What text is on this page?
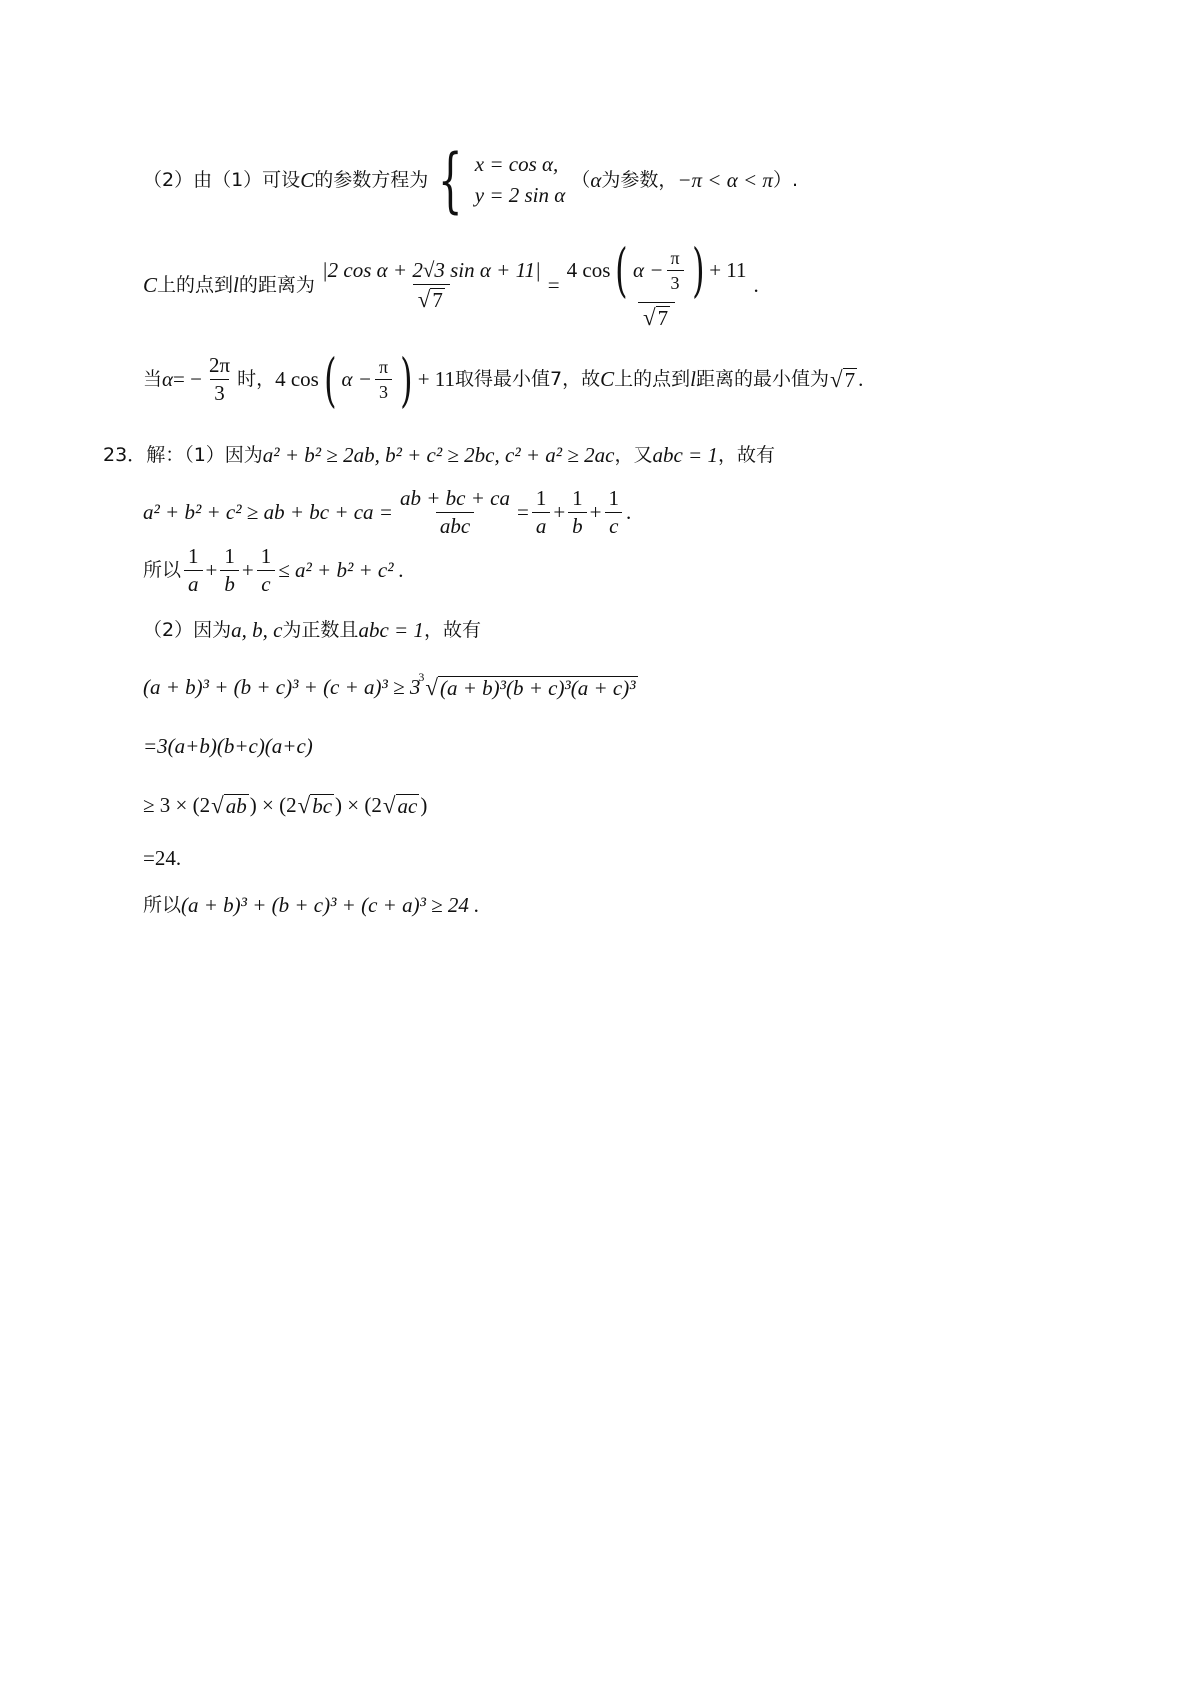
（2）由（1）可设 C 的参数方程为 { x = cos α,
y = 2 sin α
（ α 为参数， −π < α < π ）.
C 上的点到 l 的距离为 $\frac{\text{|2 cos α + 2√3 sin α + 11|}}{√ 7}$ =
4 cos ( $\alpha - \frac{\pi}{3}$ ) + 11
√ 7
.
当 α = − $\frac{2\pi}{3}$ 时， 4 cos ( $\alpha - \frac{\pi}{3}$ ) + 11 取得最小值7，故 C 上的点到 l 距离的最小值为 √ 7 .
23． 解：（1）因为 a² + b² ≥ 2ab, b² + c² ≥ 2bc, c² + a² ≥ 2ac ，又 abc = 1 ，故有
a² + b² + c² ≥ ab + bc + ca = $\frac{ab + bc + ca}{\text{abc}} = \frac{1}{a} + \frac{1}{b} + \frac{1}{c}$ .
所以 $\frac{1}{a} + \frac{1}{b} + \frac{1}{c} \le a^2 + b^2 + c^2$ .
（2）因为 a, b, c 为正数且 abc = 1 ，故有
(a + b)³ + (b + c)³ + (c + a)³ ≥ 3
3 √ (a + b)³(b + c)³(a + c)³
=3(a+b)(b+c)(a+c)
≥ 3 × (2 √ ab ) × (2 √ bc ) × (2 √ ac )
=24.
所以 (a + b)³ + (b + c)³ + (c + a)³ ≥ 24 .
